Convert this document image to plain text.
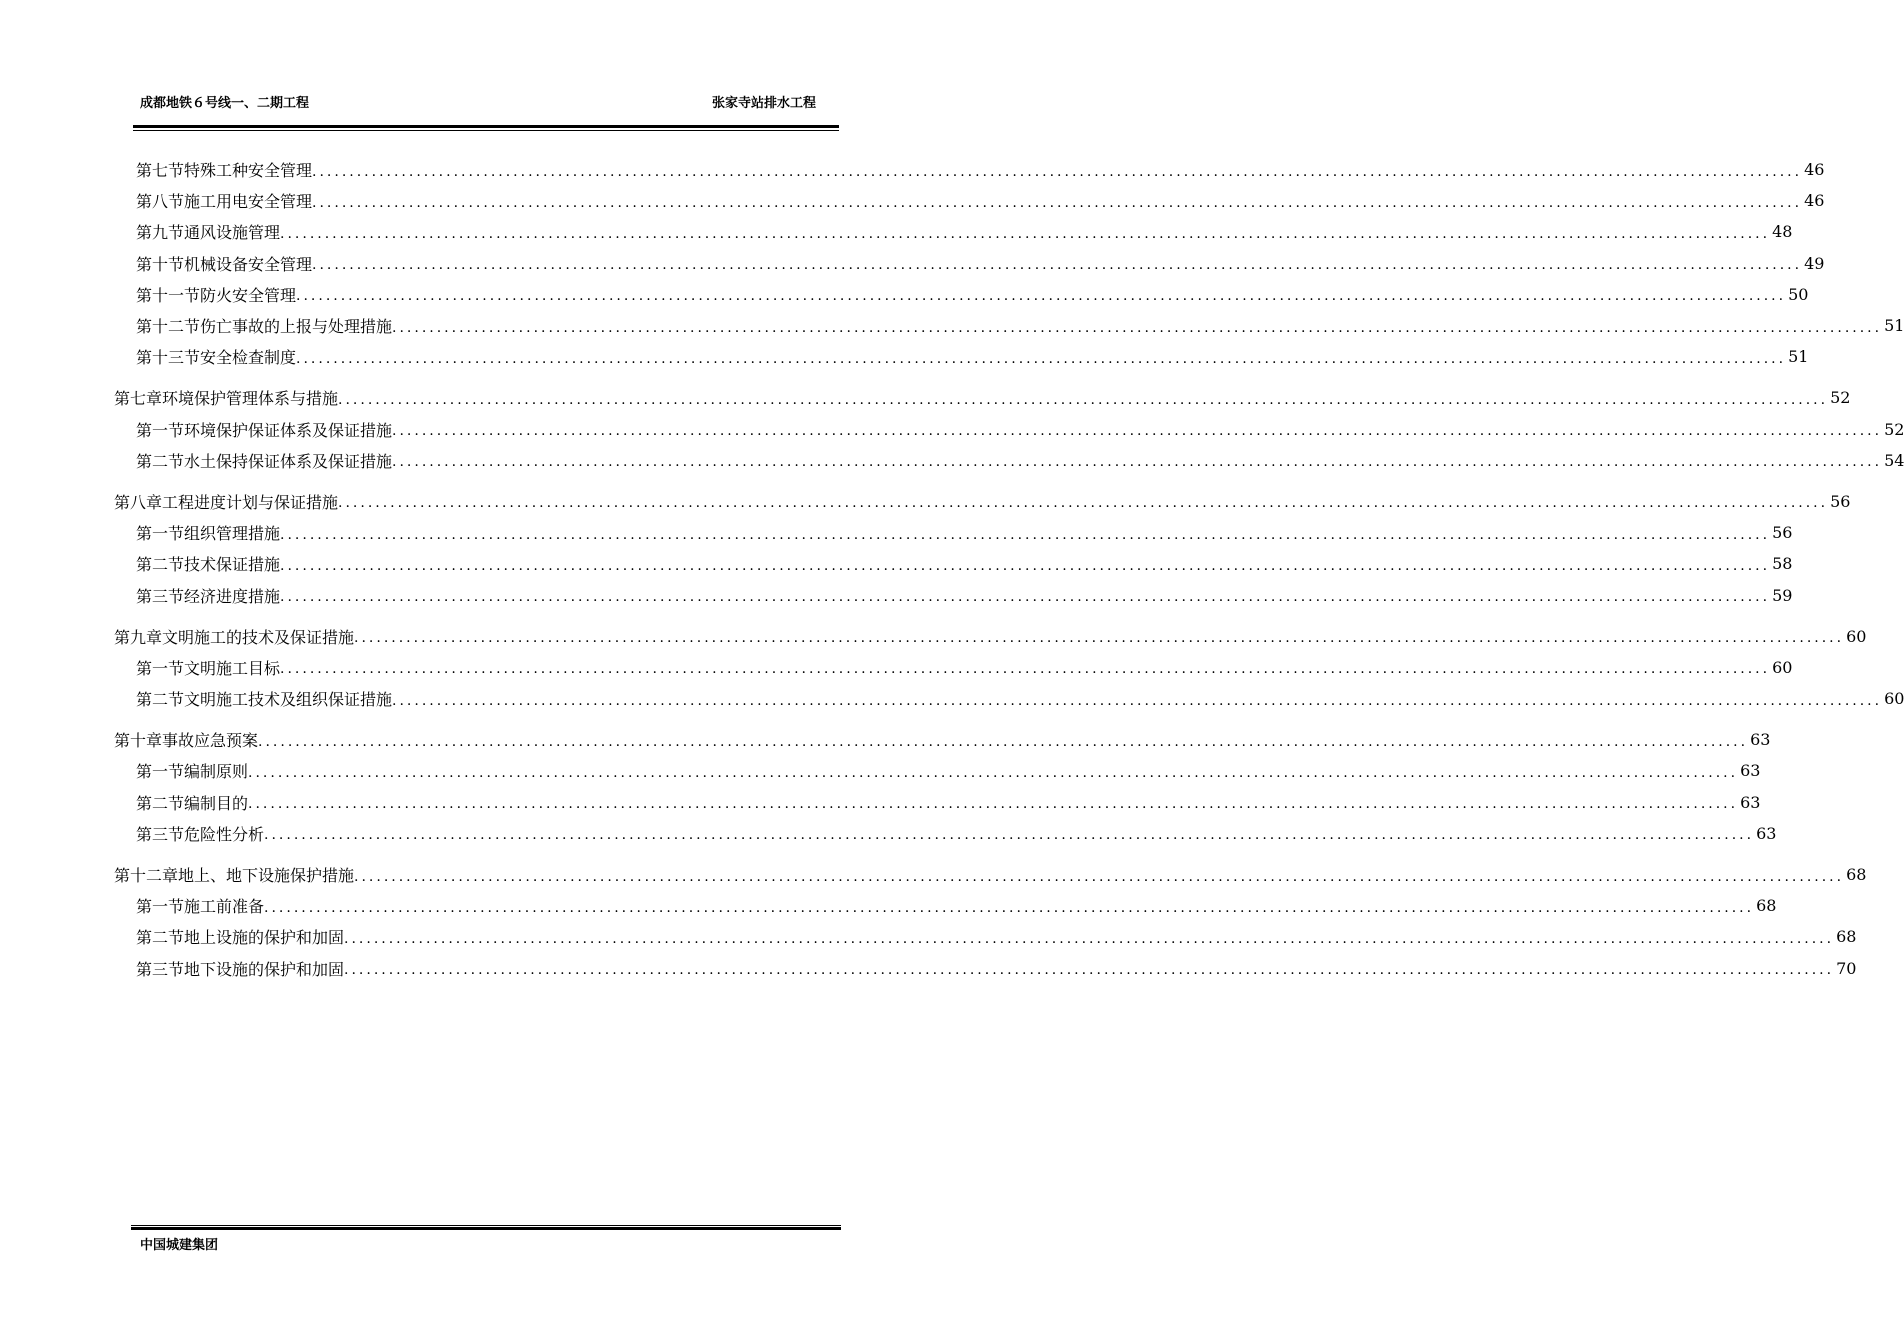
成都地铁６号线一、二期工程	张家寺站排水工程
第七节 特殊工种安全管理 ........................................................................................................................................................................................................ 46
第八节 施工用电安全管理 ........................................................................................................................................................................................................ 46
第九节 通风设施管理 ........................................................................................................................................................................................................ 48
第十节 机械设备安全管理 ........................................................................................................................................................................................................ 49
第十一节 防火安全管理 ........................................................................................................................................................................................................ 50
第十二节 伤亡事故的上报与处理措施 ........................................................................................................................................................................................................ 51
第十三节 安全检查制度 ........................................................................................................................................................................................................ 51
第七章 环境保护管理体系与措施 ........................................................................................................................................................................................................ 52
第一节 环境保护保证体系及保证措施 ........................................................................................................................................................................................................ 52
第二节 水土保持保证体系及保证措施 ........................................................................................................................................................................................................ 54
第八章 工程进度计划与保证措施 ........................................................................................................................................................................................................ 56
第一节 组织管理措施 ........................................................................................................................................................................................................ 56
第二节 技术保证措施 ........................................................................................................................................................................................................ 58
第三节 经济进度措施 ........................................................................................................................................................................................................ 59
第九章 文明施工的技术及保证措施 ........................................................................................................................................................................................................ 60
第一节 文明施工目标 ........................................................................................................................................................................................................ 60
第二节 文明施工技术及组织保证措施 ........................................................................................................................................................................................................ 60
第十章 事故应急预案 ........................................................................................................................................................................................................ 63
第一节 编制原则 ........................................................................................................................................................................................................ 63
第二节 编制目的 ........................................................................................................................................................................................................ 63
第三节 危险性分析 ........................................................................................................................................................................................................ 63
第十二章 地上、地下设施保护措施 ........................................................................................................................................................................................................ 68
第一节 施工前准备 ........................................................................................................................................................................................................ 68
第二节 地上设施的保护和加固 ........................................................................................................................................................................................................ 68
第三节 地下设施的保护和加固 ........................................................................................................................................................................................................ 70
中国城建集团
